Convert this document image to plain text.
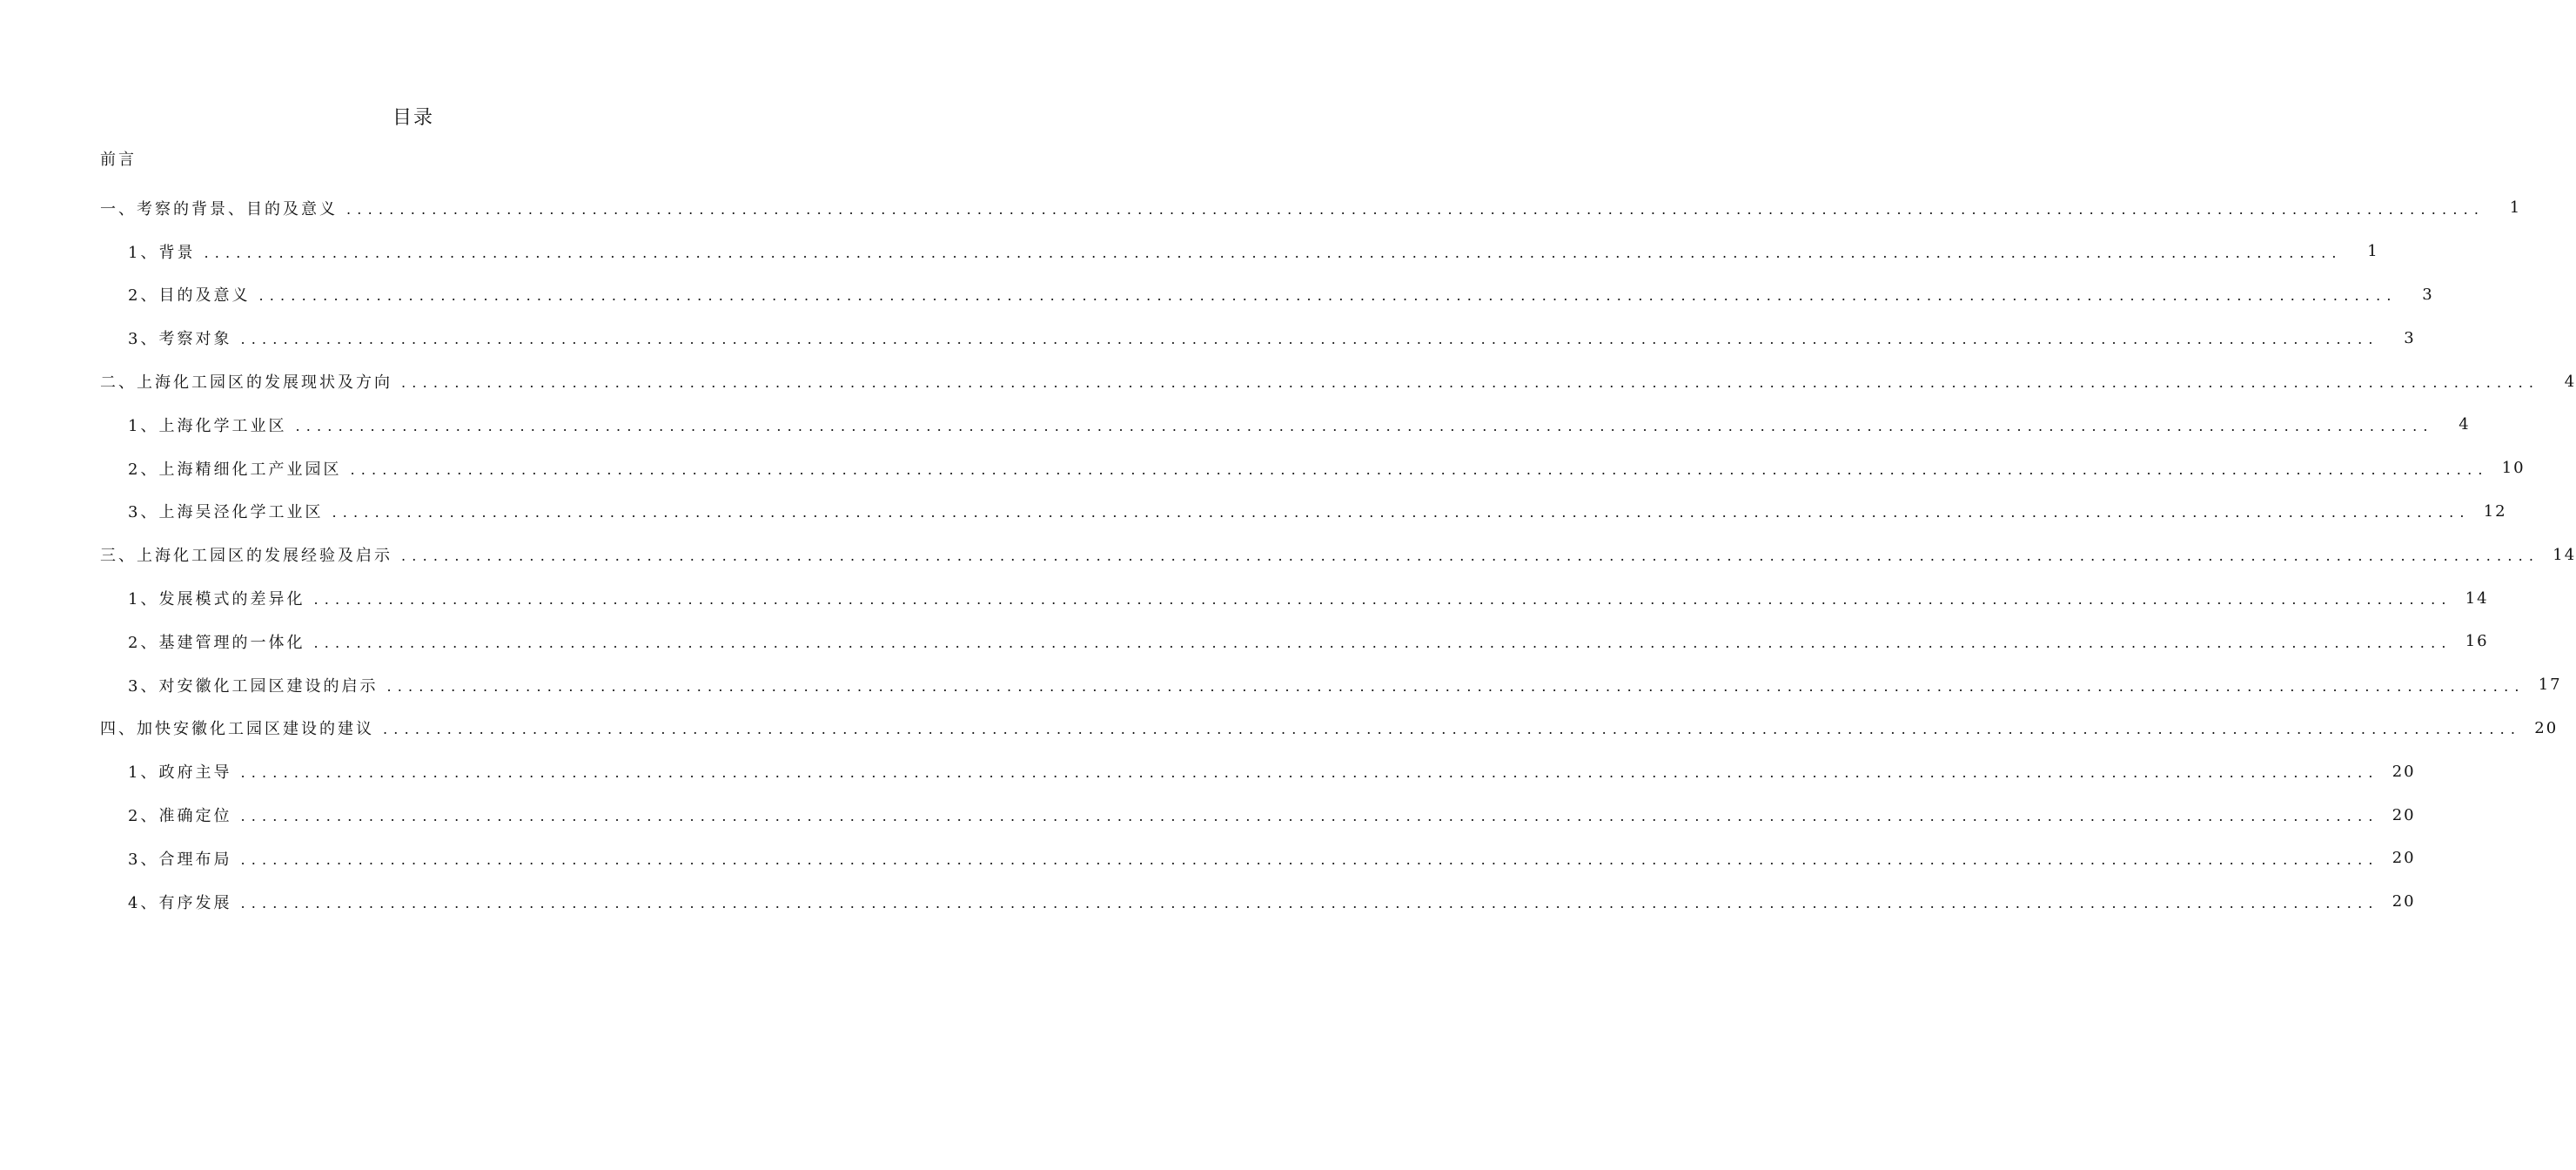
目录
前言
一、考察的背景、目的及意义 ........................................................................................................................................................................................................	1
1、背景 ........................................................................................................................................................................................................	1
2、目的及意义 ........................................................................................................................................................................................................	3
3、考察对象 ........................................................................................................................................................................................................	3
二、上海化工园区的发展现状及方向 ........................................................................................................................................................................................................	4
1、上海化学工业区 ........................................................................................................................................................................................................	4
2、上海精细化工产业园区 ........................................................................................................................................................................................................ 10
3、上海吴泾化学工业区 ........................................................................................................................................................................................................ 12
三、上海化工园区的发展经验及启示 ........................................................................................................................................................................................................ 14
1、发展模式的差异化 ........................................................................................................................................................................................................ 14
2、基建管理的一体化 ........................................................................................................................................................................................................ 16
3、对安徽化工园区建设的启示 ........................................................................................................................................................................................................ 17
四、加快安徽化工园区建设的建议 ........................................................................................................................................................................................................ 20
1、政府主导 ........................................................................................................................................................................................................ 20
2、准确定位 ........................................................................................................................................................................................................ 20
3、合理布局 ........................................................................................................................................................................................................ 20
4、有序发展 ........................................................................................................................................................................................................ 20
